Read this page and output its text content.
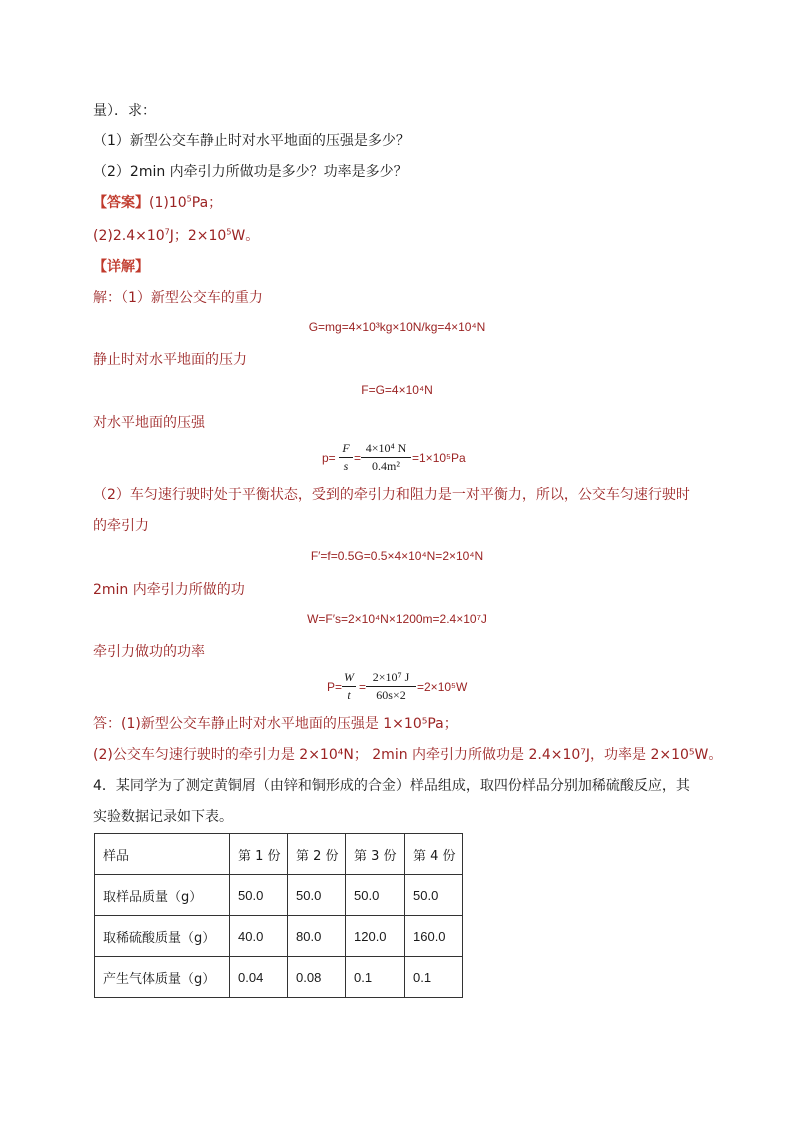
量）．求：
（1）新型公交车静止时对水平地面的压强是多少？
（2）2min 内牵引力所做功是多少？功率是多少？
【答案】$(1)10^5Pa$；
$(2)2.4\times 10^7J$；$2\times 10^5W$。
【详解】
解：（1）新型公交车的重力
G=mg=4×10³kg×10N/kg=4×10⁴N
静止时对水平地面的压力
F=G=4×10⁴N
对水平地面的压强
p=
F
s
=
4×10⁴ N
0.4m²
=1×10⁵Pa
（2）车匀速行驶时处于平衡状态，受到的牵引力和阻力是一对平衡力，所以，公交车匀速行驶时
的牵引力
F′=f=0.5G=0.5×4×10⁴N=2×10⁴N
2min 内牵引力所做的功
W=F′s=2×10⁴N×1200m=2.4×10⁷J
牵引力做功的功率
P=
W
t
=
2×10⁷ J
60s×2
=2×10⁵W
答：(1)新型公交车静止时对水平地面的压强是 1×10⁵Pa；
(2)公交车匀速行驶时的牵引力是 2×10⁴N； 2min 内牵引力所做功是 2.4×10⁷J，功率是 2×10⁵W。
4．某同学为了测定黄铜屑（由锌和铜形成的合金）样品组成，取四份样品分别加稀硫酸反应，其
实验数据记录如下表。
样品	第 1 份	第 2 份	第 3 份	第 4 份
取样品质量（g）	50.0	50.0	50.0	50.0
取稀硫酸质量（g）	40.0	80.0	120.0	160.0
产生气体质量（g）	0.04	0.08	0.1	0.1
